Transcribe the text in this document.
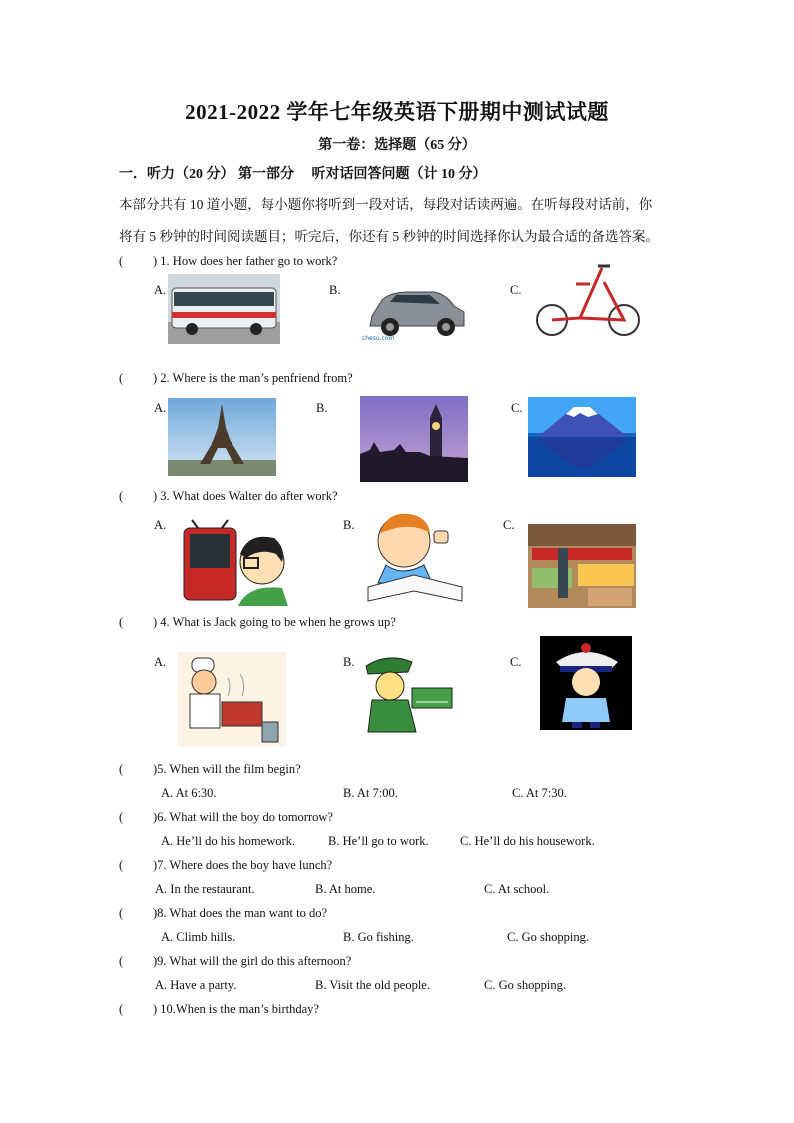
2021-2022 学年七年级英语下册期中测试试题
第一卷：选择题（65 分）
一．听力（20 分） 第一部分　 听对话回答问题（计 10 分）
本部分共有 10 道小题，每小题你将听到一段对话，每段对话读两遍。在听每段对话前，你
将有 5 秒钟的时间阅读题目；听完后，你还有 5 秒钟的时间选择你认为最合适的备选答案。
( ) 1. How does her father go to work?
A.	B.	C.
chesu.com
( ) 2. Where is the man’s penfriend from?
A.	B.	C.
( ) 3. What does Walter do after work?
A.	B.	C.
( ) 4. What is Jack going to be when he grows up?
A.	B.	C.
( )5. When will the film begin?
A. At 6:30.	B. At 7:00.	C. At 7:30.
( )6. What will the boy do tomorrow?
A. He’ll do his homework.	B. He’ll go to work.	C. He’ll do his housework.
( )7. Where does the boy have lunch?
A. In the restaurant.	B. At home.	C. At school.
( )8. What does the man want to do?
A. Climb hills.	B. Go fishing.	C. Go shopping.
( )9. What will the girl do this afternoon?
A. Have a party.	B. Visit the old people.	C. Go shopping.
( ) 10.When is the man’s birthday?
